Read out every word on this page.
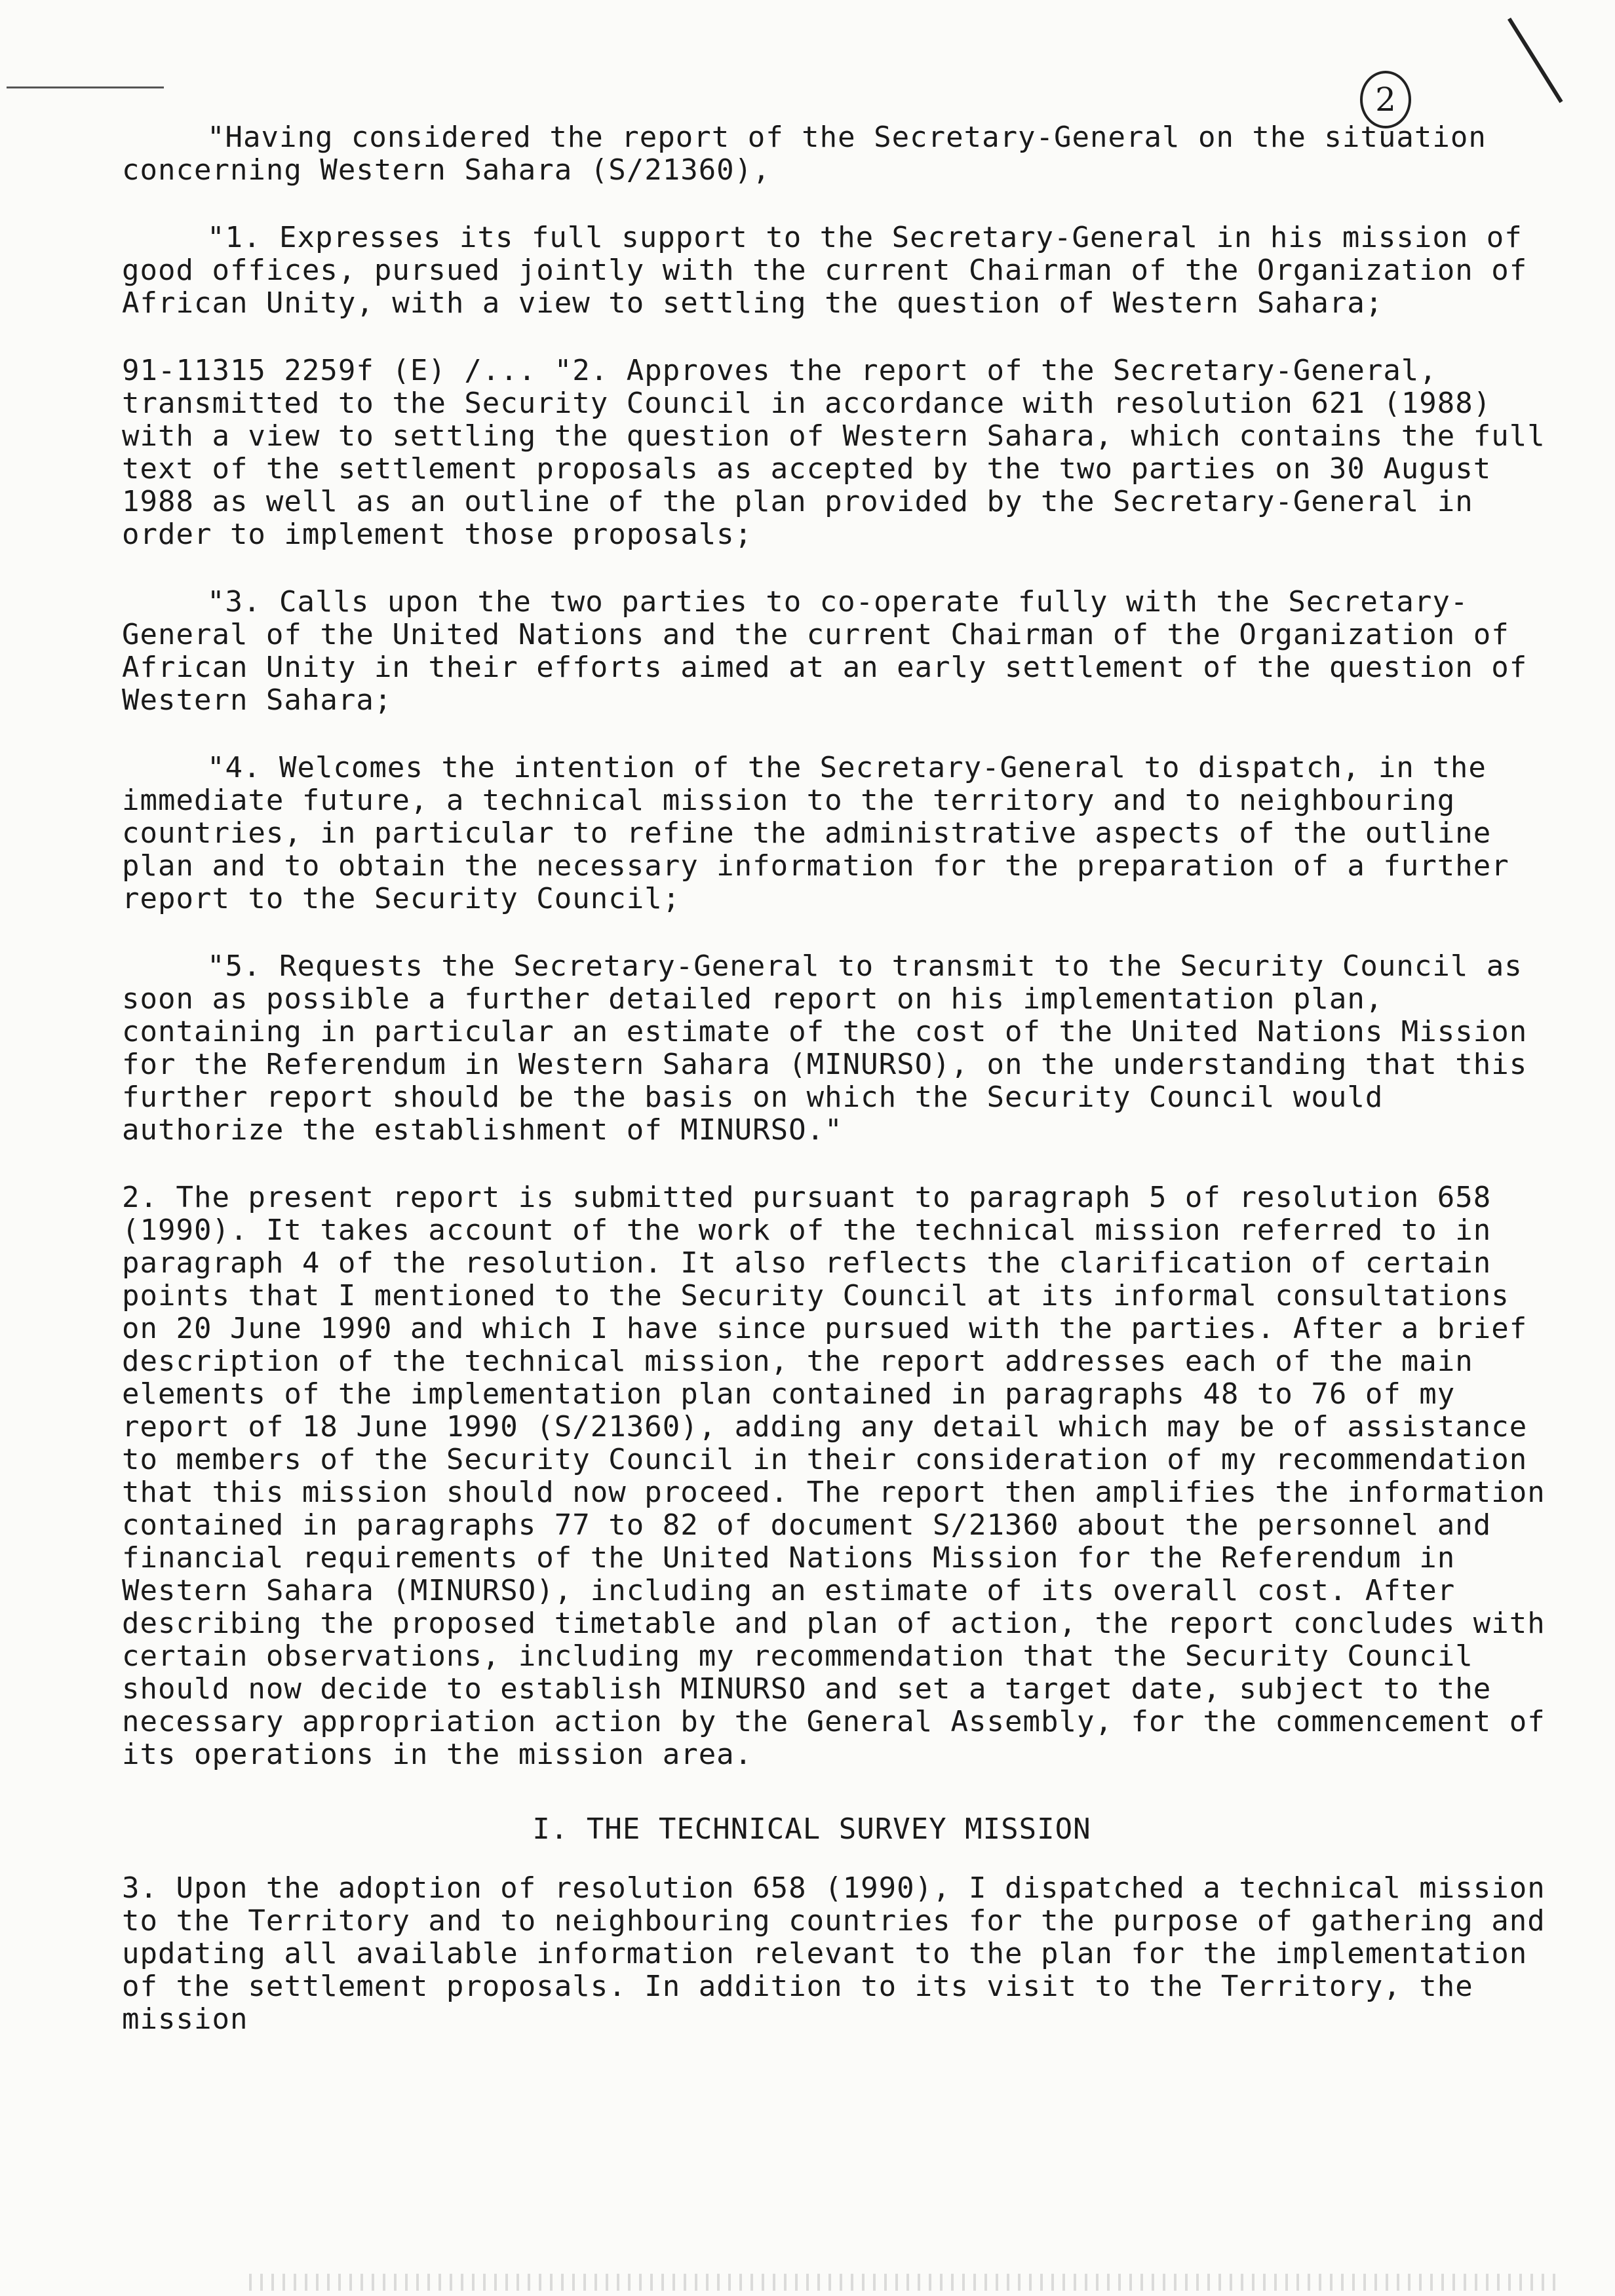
2

"Having considered the report of the Secretary-General on the situation concerning Western Sahara (S/21360),

"1. Expresses its full support to the Secretary-General in his mission of good offices, pursued jointly with the current Chairman of the Organization of African Unity, with a view to settling the question of Western Sahara;

91-11315 2259f (E) /... "2. Approves the report of the Secretary-General, transmitted to the Security Council in accordance with resolution 621 (1988) with a view to settling the question of Western Sahara, which contains the full text of the settlement proposals as accepted by the two parties on 30 August 1988 as well as an outline of the plan provided by the Secretary-General in order to implement those proposals;

"3. Calls upon the two parties to co-operate fully with the Secretary-General of the United Nations and the current Chairman of the Organization of African Unity in their efforts aimed at an early settlement of the question of Western Sahara;

"4. Welcomes the intention of the Secretary-General to dispatch, in the immediate future, a technical mission to the territory and to neighbouring countries, in particular to refine the administrative aspects of the outline plan and to obtain the necessary information for the preparation of a further report to the Security Council;

"5. Requests the Secretary-General to transmit to the Security Council as soon as possible a further detailed report on his implementation plan, containing in particular an estimate of the cost of the United Nations Mission for the Referendum in Western Sahara (MINURSO), on the understanding that this further report should be the basis on which the Security Council would authorize the establishment of MINURSO."

2. The present report is submitted pursuant to paragraph 5 of resolution 658 (1990). It takes account of the work of the technical mission referred to in paragraph 4 of the resolution. It also reflects the clarification of certain points that I mentioned to the Security Council at its informal consultations on 20 June 1990 and which I have since pursued with the parties. After a brief description of the technical mission, the report addresses each of the main elements of the implementation plan contained in paragraphs 48 to 76 of my report of 18 June 1990 (S/21360), adding any detail which may be of assistance to members of the Security Council in their consideration of my recommendation that this mission should now proceed. The report then amplifies the information contained in paragraphs 77 to 82 of document S/21360 about the personnel and financial requirements of the United Nations Mission for the Referendum in Western Sahara (MINURSO), including an estimate of its overall cost. After describing the proposed timetable and plan of action, the report concludes with certain observations, including my recommendation that the Security Council should now decide to establish MINURSO and set a target date, subject to the necessary appropriation action by the General Assembly, for the commencement of its operations in the mission area.

I. THE TECHNICAL SURVEY MISSION

3. Upon the adoption of resolution 658 (1990), I dispatched a technical mission to the Territory and to neighbouring countries for the purpose of gathering and updating all available information relevant to the plan for the implementation of the settlement proposals. In addition to its visit to the Territory, the mission
